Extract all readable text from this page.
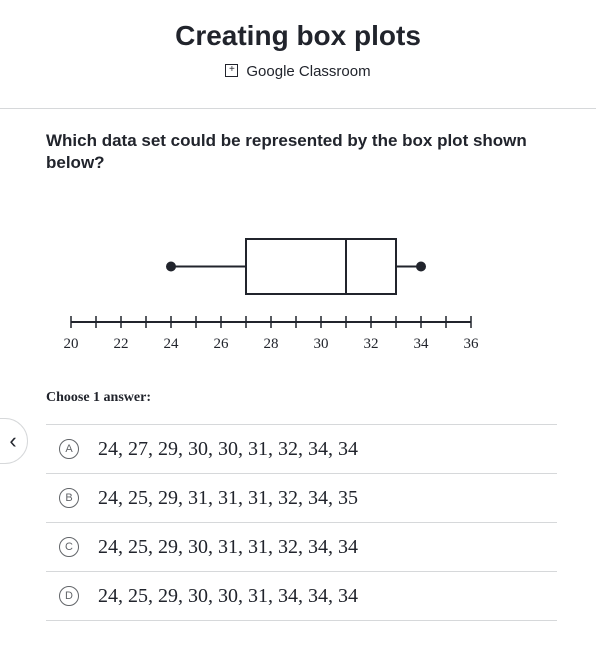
Creating box plots
+Google Classroom
Which data set could be represented by the box plot shown below?
20 22 24 26 28 30 32 34 36
Choose 1 answer:
A	24, 27, 29, 30, 30, 31, 32, 34, 34
B	24, 25, 29, 31, 31, 31, 32, 34, 35
C	24, 25, 29, 30, 31, 31, 32, 34, 34
D	24, 25, 29, 30, 30, 31, 34, 34, 34
‹
